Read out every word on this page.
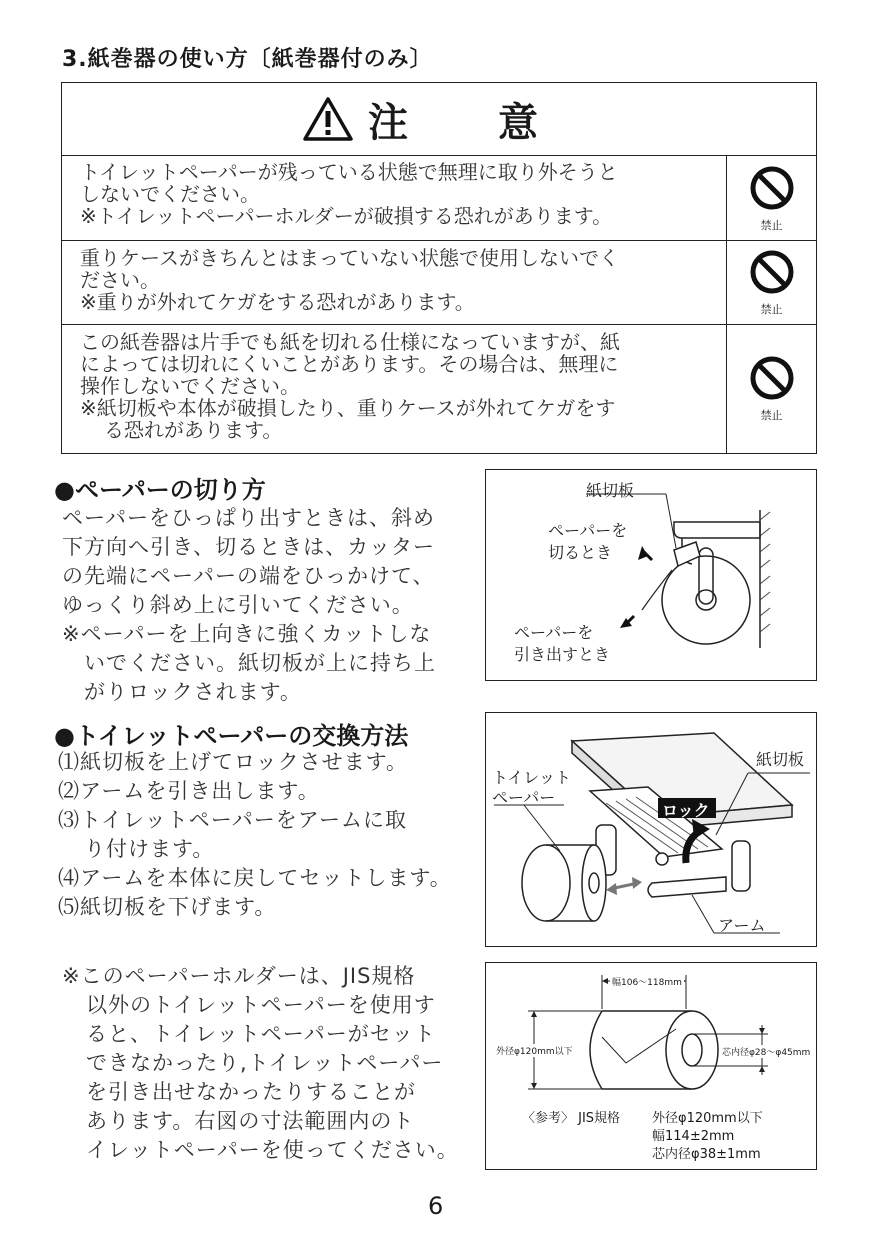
3.紙巻器の使い方〔紙巻器付のみ〕
注 意

トイレットペーパーが残っている状態で無理に取り外そうと

しないでください。

※トイレットペーパーホルダーが破損する恐れがあります。	禁止

重りケースがきちんとはまっていない状態で使用しないでく

ださい。

※重りが外れてケガをする恐れがあります。	禁止

この紙巻器は片手でも紙を切れる仕様になっていますが、紙

によっては切れにくいことがあります。その場合は、無理に

操作しないでください。

※紙切板や本体が破損したり、重りケースが外れてケガをす

る恐れがあります。

禁止
●ペーパーの切り方

ペーパーをひっぱり出すときは、斜め

下方向へ引き、切るときは、カッター

の先端にペーパーの端をひっかけて、

ゆっくり斜め上に引いてください。

※ペーパーを上向きに強くカットしな

いでください。紙切板が上に持ち上

がりロックされます。

紙切板
ペーパーを
切るとき
ペーパーを
引き出すとき
●トイレットペーパーの交換方法

⑴紙切板を上げてロックさせます。

⑵アームを引き出します。

⑶トイレットペーパーをアームに取

り付けます。

⑷アームを本体に戻してセットします。

⑸紙切板を下げます。

紙切板
トイレット
ペーパー
ロック
アーム

※このペーパーホルダーは、JIS規格

以外のトイレットペーパーを使用す

ると、トイレットペーパーがセット

できなかったり,トイレットペーパー

を引き出せなかったりすることが

あります。右図の寸法範囲内のト

イレットペーパーを使ってください。

幅106〜118mm
外径φ120mm以下	芯内径φ28〜φ45mm
〈参考〉 JIS規格 外径φ120mm以下
幅114±2mm
芯内径φ38±1mm
6
